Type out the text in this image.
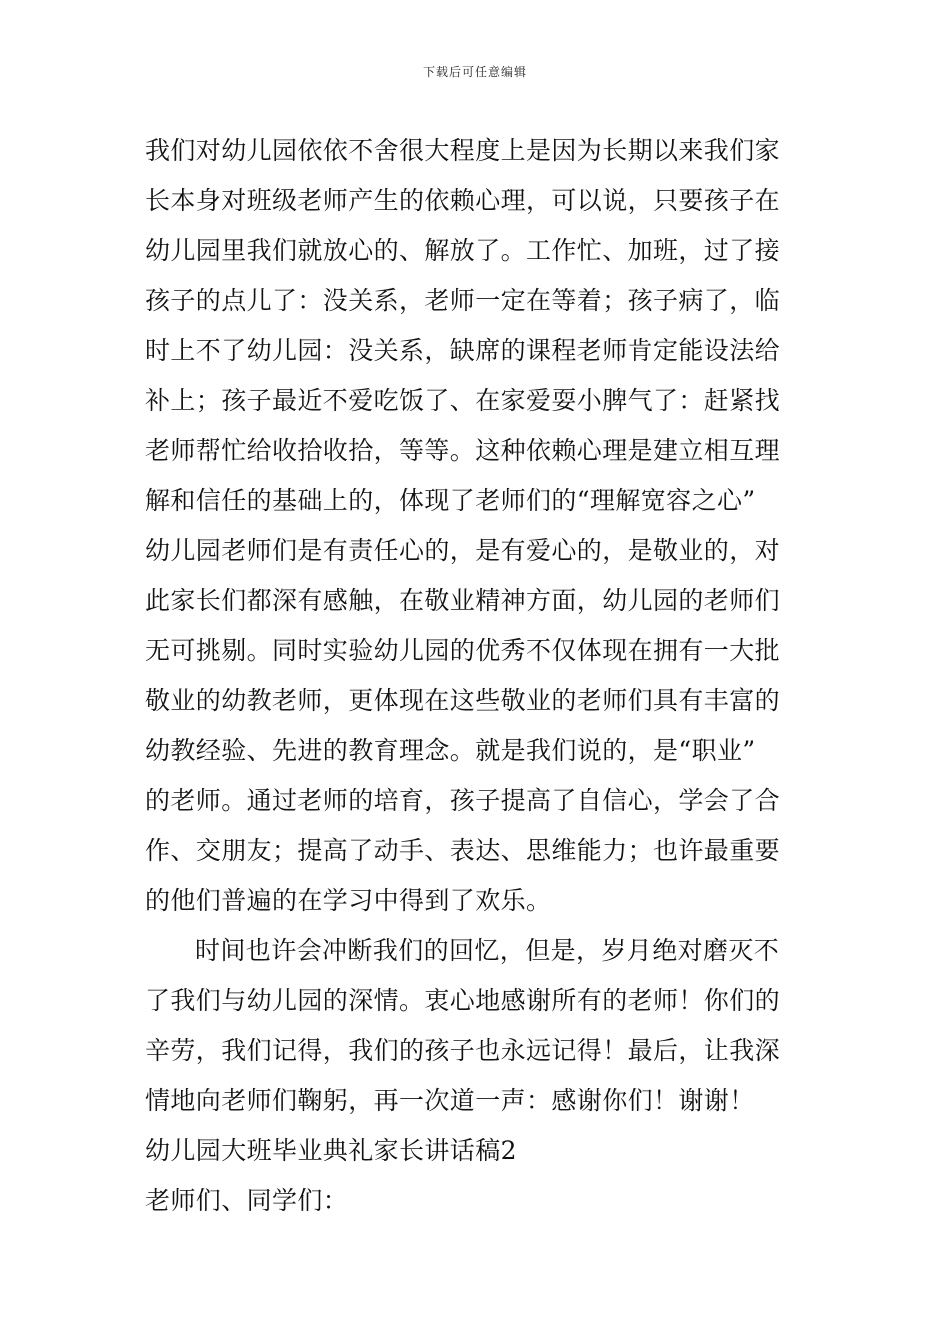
下载后可任意编辑
我们对幼儿园依依不舍很大程度上是因为长期以来我们家
长本身对班级老师产生的依赖心理，可以说，只要孩子在
幼儿园里我们就放心的、解放了。工作忙、加班，过了接
孩子的点儿了：没关系，老师一定在等着；孩子病了，临
时上不了幼儿园：没关系，缺席的课程老师肯定能设法给
补上；孩子最近不爱吃饭了、在家爱耍小脾气了：赶紧找
老师帮忙给收拾收拾，等等。这种依赖心理是建立相互理
解和信任的基础上的，体现了老师们的“理解宽容之心”
幼儿园老师们是有责任心的，是有爱心的，是敬业的，对
此家长们都深有感触，在敬业精神方面，幼儿园的老师们
无可挑剔。同时实验幼儿园的优秀不仅体现在拥有一大批
敬业的幼教老师，更体现在这些敬业的老师们具有丰富的
幼教经验、先进的教育理念。就是我们说的，是“职业”
的老师。通过老师的培育，孩子提高了自信心，学会了合
作、交朋友；提高了动手、表达、思维能力；也许最重要
的他们普遍的在学习中得到了欢乐。
时间也许会冲断我们的回忆，但是，岁月绝对磨灭不
了我们与幼儿园的深情。衷心地感谢所有的老师！你们的
辛劳，我们记得，我们的孩子也永远记得！最后，让我深
情地向老师们鞠躬，再一次道一声：感谢你们！谢谢！
幼儿园大班毕业典礼家长讲话稿2
老师们、同学们：
